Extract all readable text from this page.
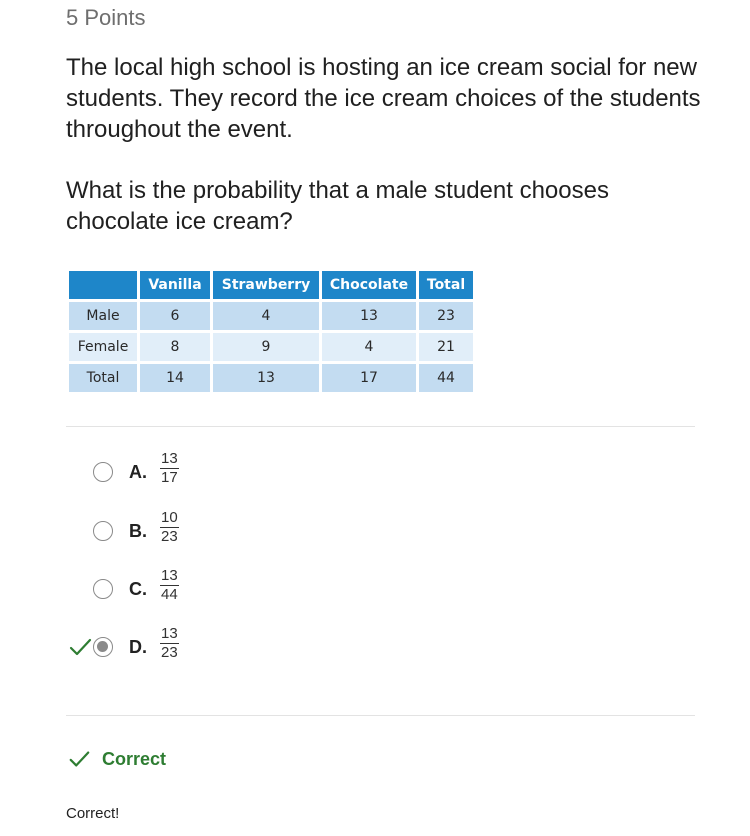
5 Points

The local high school is hosting an ice cream social for new students. They record the ice cream choices of the students throughout the event.

What is the probability that a male student chooses chocolate ice cream?

	Vanilla	Strawberry	Chocolate	Total
Male	6	4	13	23
Female	8	9	4	21
Total	14	13	17	44
A. $\frac{13}{17}$
B. $\frac{10}{23}$
C. $\frac{13}{44}$
D. $\frac{13}{23}$
Correct
Correct!
